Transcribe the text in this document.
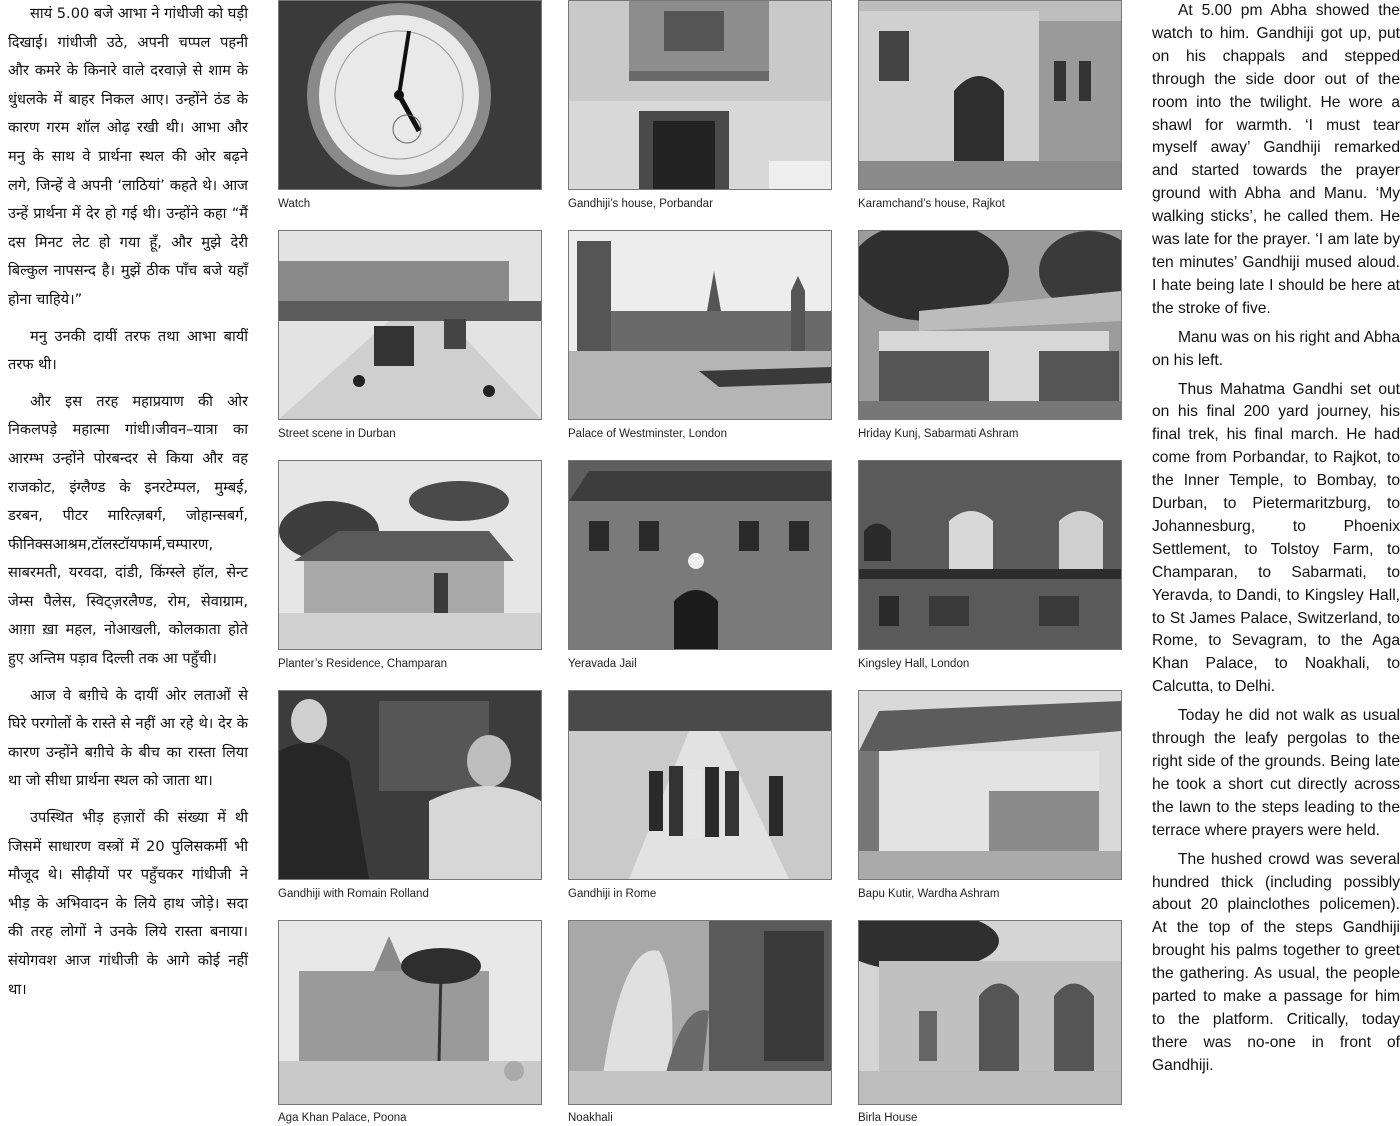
सायं 5.00 बजे आभा ने गांधीजी को घड़ी दिखाई। गांधीजी उठे, अपनी चप्पल पहनी और कमरे के किनारे वाले दरवाज़े से शाम के धुंधलके में बाहर निकल आए। उन्होंने ठंड के कारण गरम शॉल ओढ़ रखी थी। आभा और मनु के साथ वे प्रार्थना स्थल की ओर बढ़ने लगे, जिन्हें वे अपनी ‘लाठियां’ कहते थे। आज उन्हें प्रार्थना में देर हो गई थी। उन्होंने कहा “मैं दस मिनट लेट हो गया हूँ, और मुझे देरी बिल्कुल नापसन्द है। मुझें ठीक पाँच बजे यहाँ होना चाहिये।”

मनु उनकी दायीं तरफ तथा आभा बायीं तरफ थी।

और इस तरह महाप्रयाण की ओर निकलपड़े महात्मा गांधी।जीवन–यात्रा का आरम्भ उन्होंने पोरबन्दर से किया और वह राजकोट, इंग्लैण्ड के इनरटेम्पल, मुम्बई, डरबन, पीटर मारित्ज़बर्ग, जोहान्सबर्ग, फीनिक्सआश्रम,टॉलस्टॉयफार्म,चम्पारण, साबरमती, यरवदा, दांडी, किंग्स्ले हॉल, सेन्ट जेम्स पैलेस, स्विट्ज़रलैण्ड, रोम, सेवाग्राम, आग़ा ख़ा महल, नोआखली, कोलकाता होते हुए अन्तिम पड़ाव दिल्ली तक आ पहुँची।

आज वे बग़ीचे के दायीं ओर लताओं से घिरे परगोलों के रास्ते से नहीं आ रहे थे। देर के कारण उन्होंने बग़ीचे के बीच का रास्ता लिया था जो सीधा प्रार्थना स्थल को जाता था।

उपस्थित भीड़ हज़ारों की संख्या में थी जिसमें साधारण वस्त्रों में 20 पुलिसकर्मी भी मौजूद थे। सीढ़ीयों पर पहुँचकर गांधीजी ने भीड़ के अभिवादन के लिये हाथ जोड़े। सदा की तरह लोगों ने उनके लिये रास्ता बनाया। संयोगवश आज गांधीजी के आगे कोई नहीं था।

Watch	Gandhiji’s house, Porbandar	Karamchand’s house, Rajkot
Street scene in Durban	Palace of Westminster, London	Hriday Kunj, Sabarmati Ashram
Planter’s Residence, Champaran	Yeravada Jail	Kingsley Hall, London
Gandhiji with Romain Rolland	Gandhiji in Rome	Bapu Kutir, Wardha Ashram
Aga Khan Palace, Poona	Noakhali	Birla House

At 5.00 pm Abha showed the watch to him. Gandhiji got up, put on his chappals and stepped through the side door out of the room into the twilight. He wore a shawl for warmth. ‘I must tear myself away’ Gandhiji remarked and started towards the prayer ground with Abha and Manu. ‘My walking sticks’, he called them. He was late for the prayer. ‘I am late by ten minutes’ Gandhiji mused aloud. I hate being late I should be here at the stroke of five.

Manu was on his right and Abha on his left.

Thus Mahatma Gandhi set out on his final 200 yard journey, his final trek, his final march. He had come from Porbandar, to Rajkot, to the Inner Temple, to Bombay, to Durban, to Pietermaritzburg, to Johannesburg, to Phoenix Settlement, to Tolstoy Farm, to Champaran, to Sabarmati, to Yeravda, to Dandi, to Kingsley Hall, to St James Palace, Switzerland, to Rome, to Sevagram, to the Aga Khan Palace, to Noakhali, to Calcutta, to Delhi.

Today he did not walk as usual through the leafy pergolas to the right side of the grounds. Being late he took a short cut directly across the lawn to the steps leading to the terrace where prayers were held.

The hushed crowd was several hundred thick (including possibly about 20 plainclothes policemen). At the top of the steps Gandhiji brought his palms together to greet the gathering. As usual, the people parted to make a passage for him to the platform. Critically, today there was no-one in front of Gandhiji.
